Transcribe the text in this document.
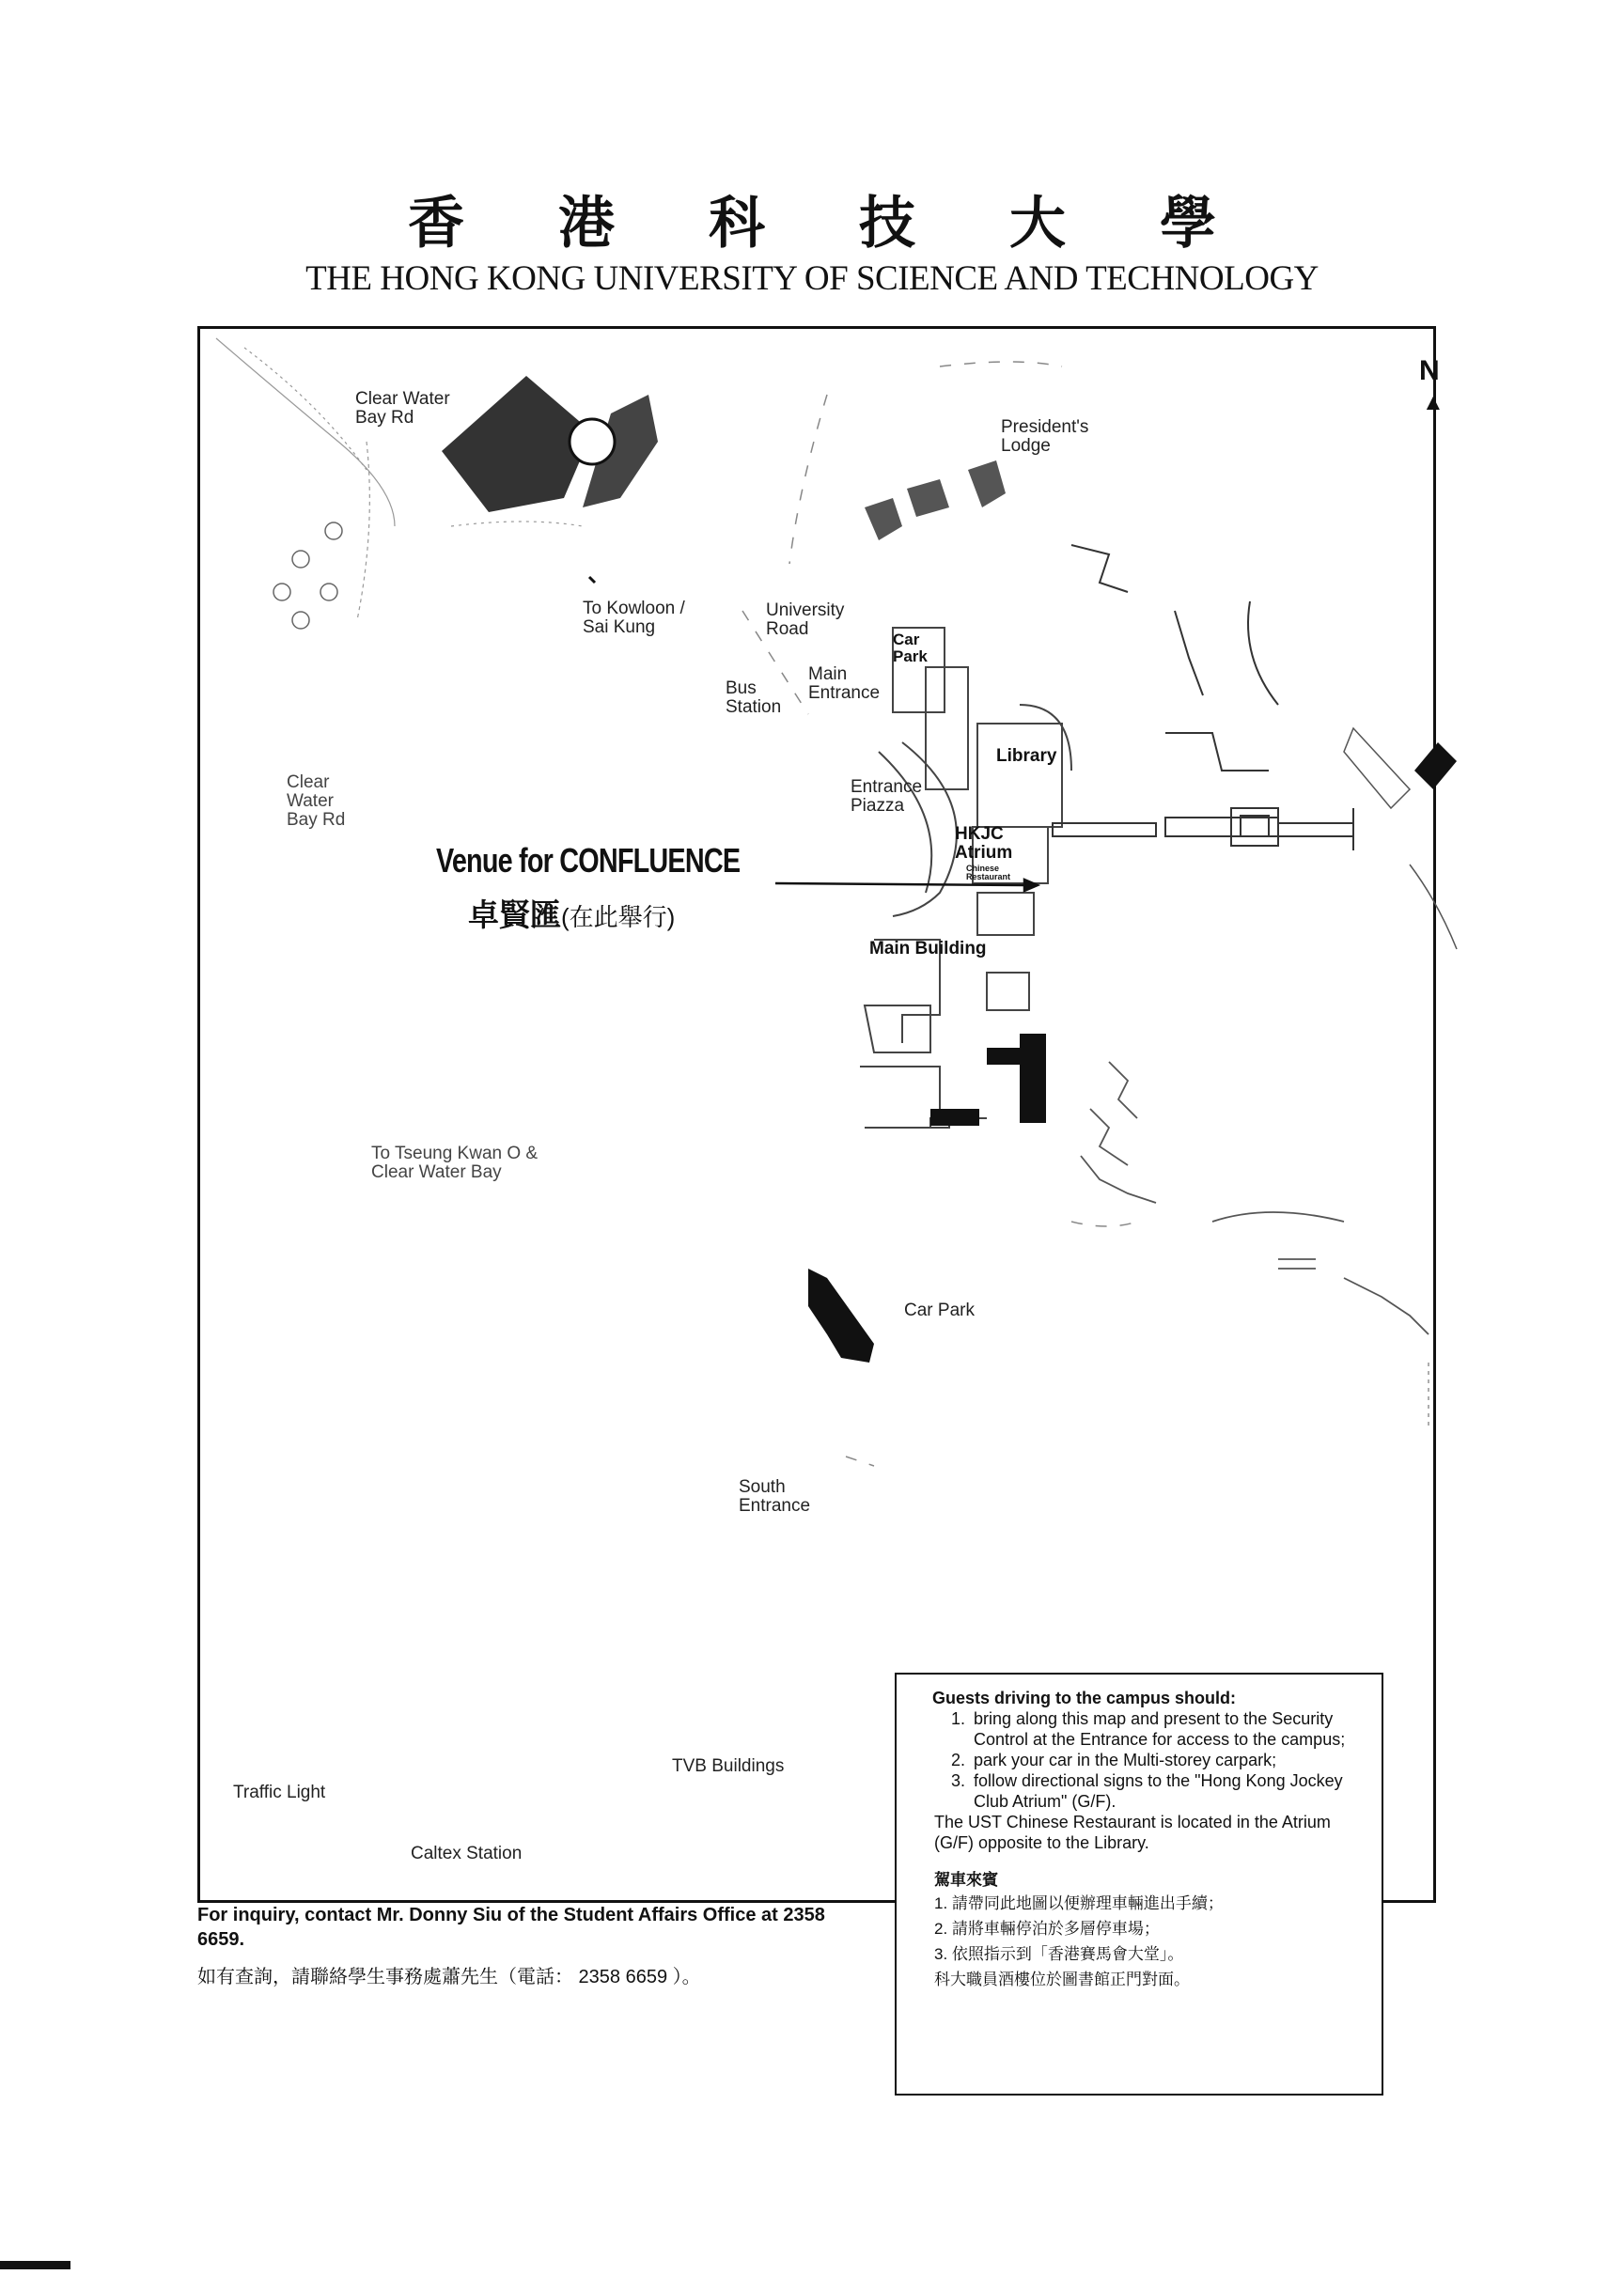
香港科技大學
THE HONG KONG UNIVERSITY OF SCIENCE AND TECHNOLOGY
N
▲
Clear Water
Bay Rd	President's
Lodge
To Kowloon /
Sai Kung
University
Road
Car
Park
Main
Entrance
Bus
Station
Library
Entrance
Piazza
HKJC
Atrium
Chinese
Restaurant
Clear
Water
Bay Rd
Main Building
To Tseung Kwan O &
Clear Water Bay
Car Park
South
Entrance
TVB Buildings
Traffic Light
Caltex Station
Venue for CONFLUENCE
卓賢匯(在此舉行)
Guests driving to the campus should:
1. bring along this map and present to the Security Control at the Entrance for access to the campus;
2. park your car in the Multi-storey carpark;
3. follow directional signs to the "Hong Kong Jockey Club Atrium" (G/F).
The UST Chinese Restaurant is located in the Atrium (G/F) opposite to the Library.
駕車來賓
1. 請帶同此地圖以便辦理車輛進出手續；
2. 請將車輛停泊於多層停車場；
3. 依照指示到「香港賽馬會大堂」。
科大職員酒樓位於圖書館正門對面。
For inquiry, contact Mr. Donny Siu of the Student Affairs Office at 2358 6659.
如有查詢，請聯絡學生事務處蕭先生（電話： 2358 6659 ）。
